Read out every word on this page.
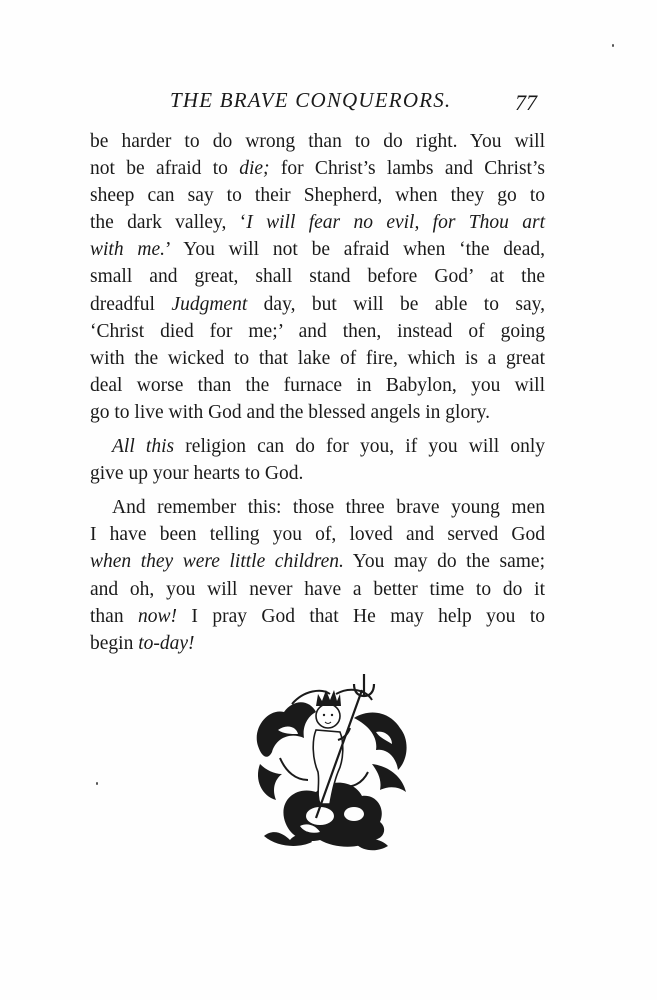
THE BRAVE CONQUERORS.	77
be harder to do wrong than to do right. You will
not be afraid to die; for Christ’s lambs and Christ’s
sheep can say to their Shepherd, when they go to
the dark valley, ‘I will fear no evil, for Thou art
with me.’ You will not be afraid when ‘the dead,
small and great, shall stand before God’ at the
dreadful Judgment day, but will be able to say,
‘Christ died for me;’ and then, instead of going
with the wicked to that lake of fire, which is a great
deal worse than the furnace in Babylon, you will
go to live with God and the blessed angels in glory.
All this religion can do for you, if you will only
give up your hearts to God.
And remember this: those three brave young men
I have been telling you of, loved and served God
when they were little children. You may do the same;
and oh, you will never have a better time to do it
than now! I pray God that He may help you to
begin to-day!
